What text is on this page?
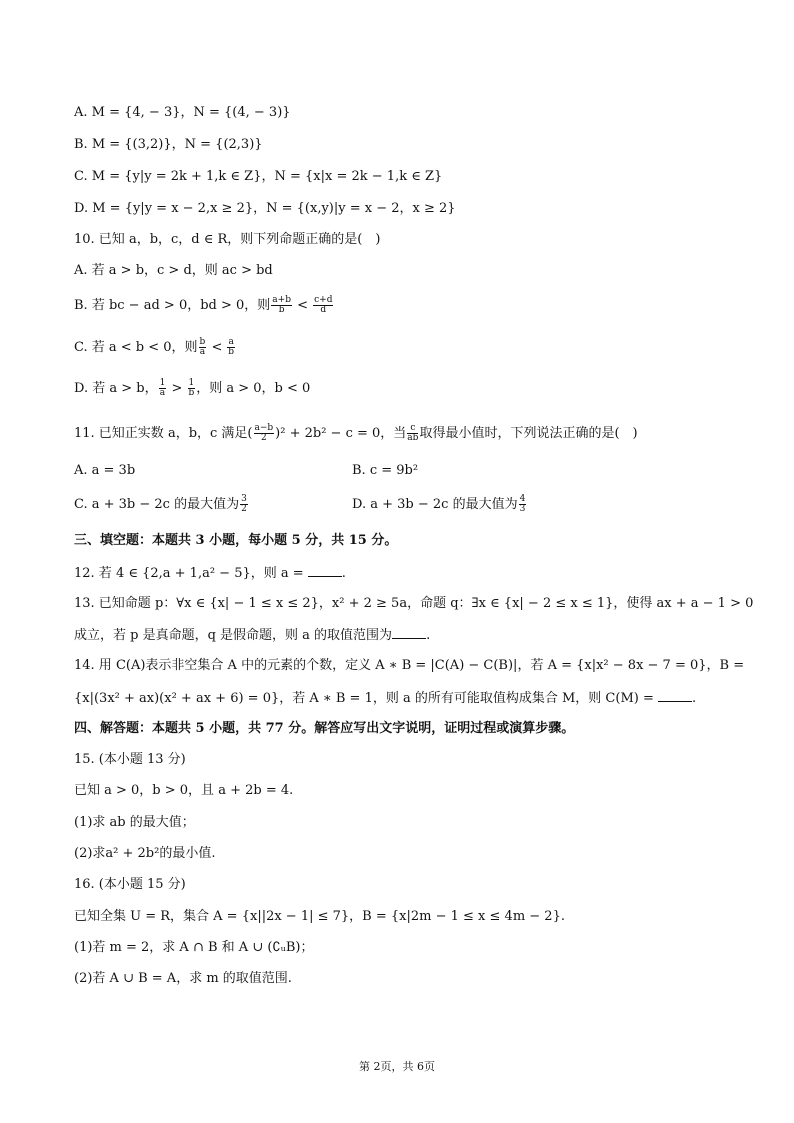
A. M = {4, − 3}，N = {(4, − 3)}
B. M = {(3,2)}，N = {(2,3)}
C. M = {y|y = 2k + 1,k ∈ Z}，N = {x|x = 2k − 1,k ∈ Z}
D. M = {y|y = x − 2,x ≥ 2}，N = {(x,y)|y = x − 2，x ≥ 2}
10. 已知 a，b，c，d ∈ R，则下列命题正确的是(　)
A. 若 a > b，c > d，则 ac > bd
B. 若 bc − ad > 0，bd > 0，则 $\frac{a+b}{b} < \frac{c+d}{d}$
C. 若 a < b < 0，则 $\frac{b}{a} < \frac{a}{b}$
D. 若 a > b， $\frac{1}{a} > \frac{1}{b}$ ，则 a > 0，b < 0
11. 已知正实数 a，b，c 满足( $\frac{a-b}{2} )^2 + 2b^2 - c = 0$，当 $\frac{c}{ab}$ 取得最小值时，下列说法正确的是(　)
A. a = 3b	B. c = 9b²
C. a + 3b − 2c 的最大值为 $\frac{3}{2}$	D. a + 3b − 2c 的最大值为 $\frac{4}{3}$
三、填空题：本题共 3 小题，每小题 5 分，共 15 分。
12. 若 4 ∈ {2,a + 1,a² − 5}，则 a =	.
13. 已知命题 p：∀x ∈ {x| − 1 ≤ x ≤ 2}，x² + 2 ≥ 5a，命题 q：∃x ∈ {x| − 2 ≤ x ≤ 1}，使得 ax + a − 1 > 0
成立，若 p 是真命题，q 是假命题，则 a 的取值范围为	.
14. 用 C(A)表示非空集合 A 中的元素的个数，定义 A ∗ B = |C(A) − C(B)|，若 A = {x|x² − 8x − 7 = 0}，B =
{x|(3x² + ax)(x² + ax + 6) = 0}，若 A ∗ B = 1，则 a 的所有可能取值构成集合 M，则 C(M) =	.
四、解答题：本题共 5 小题，共 77 分。解答应写出文字说明，证明过程或演算步骤。
15. (本小题 13 分)
已知 a > 0，b > 0，且 a + 2b = 4.
(1)求 ab 的最大值；
(2)求a² + 2b²的最小值.
16. (本小题 15 分)
已知全集 U = R，集合 A = {x||2x − 1| ≤ 7}，B = {x|2m − 1 ≤ x ≤ 4m − 2}.
(1)若 m = 2，求 A ∩ B 和 A ∪ (∁ᵤB)；
(2)若 A ∪ B = A，求 m 的取值范围.
第 2页，共 6页
